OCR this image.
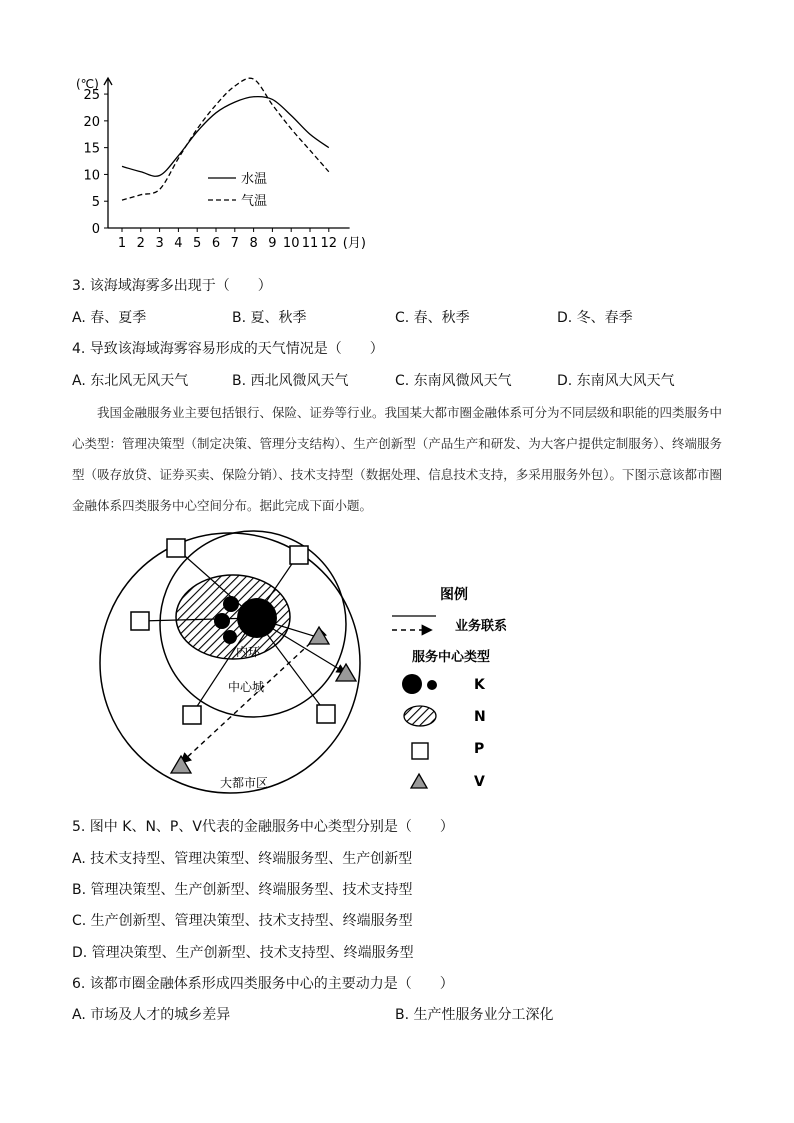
(℃)
0
5
10
15
20
25
1 2 3 4 5 6 7 8 9 10 11 12 (月)
水温
气温
3. 该海域海雾多出现于（　　）
A. 春、夏季	B. 夏、秋季	C. 春、秋季	D. 冬、春季
4. 导致该海域海雾容易形成的天气情况是（　　）
A. 东北风无风天气	B. 西北风微风天气	C. 东南风微风天气	D. 东南风大风天气

我国金融服务业主要包括银行、保险、证券等行业。我国某大都市圈金融体系可分为不同层级和职能的四类服务中心类型：管理决策型（制定决策、管理分支结构）、生产创新型（产品生产和研发、为大客户提供定制服务）、终端服务型（吸存放贷、证券买卖、保险分销）、技术支持型（数据处理、信息技术支持，多采用服务外包）。下图示意该都市圈金融体系四类服务中心空间分布。据此完成下面小题。

内环
中心城
大都市区
图例
业务联系
服务中心类型
K
N
P
V
5. 图中 K、N、P、V代表的金融服务中心类型分别是（　　）
A. 技术支持型、管理决策型、终端服务型、生产创新型
B. 管理决策型、生产创新型、终端服务型、技术支持型
C. 生产创新型、管理决策型、技术支持型、终端服务型
D. 管理决策型、生产创新型、技术支持型、终端服务型
6. 该都市圈金融体系形成四类服务中心的主要动力是（　　）
A. 市场及人才的城乡差异	B. 生产性服务业分工深化
